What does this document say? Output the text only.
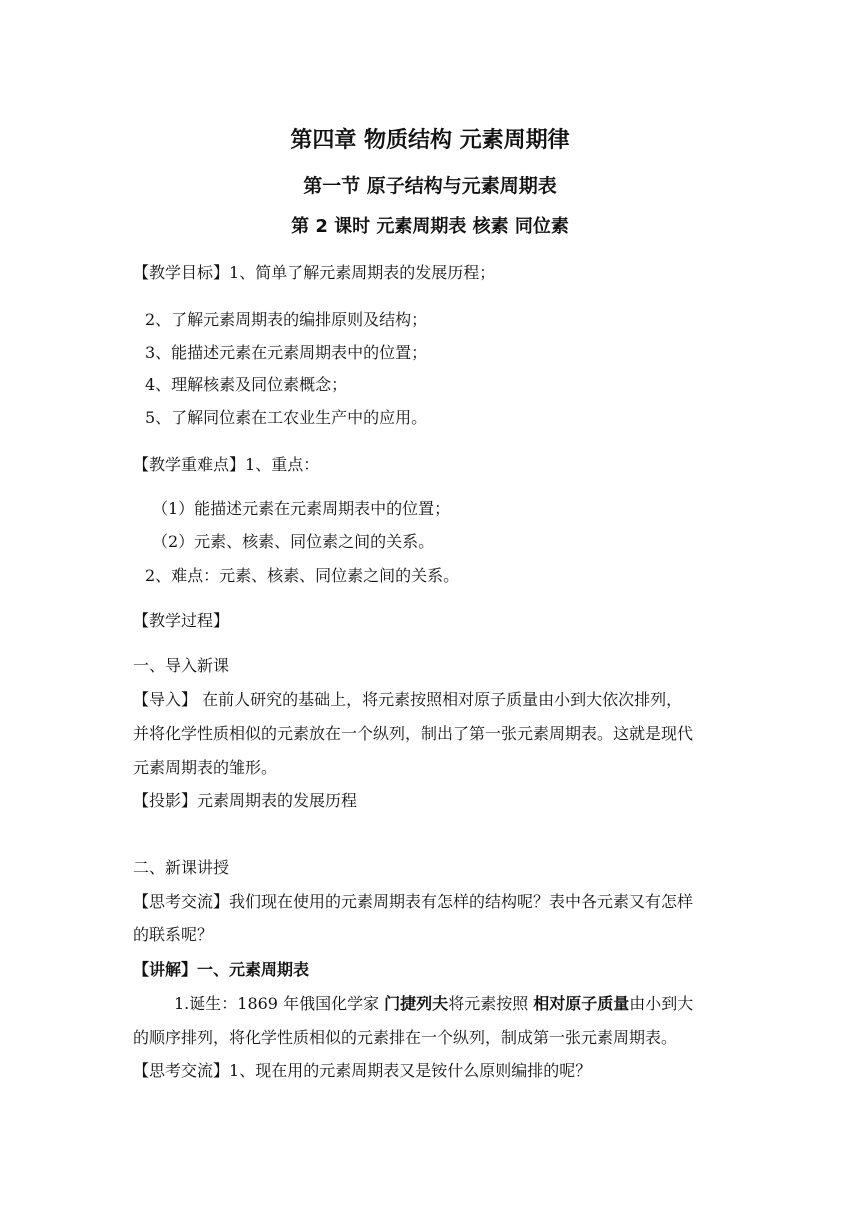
第四章 物质结构 元素周期律
第一节 原子结构与元素周期表
第 2 课时 元素周期表 核素 同位素
【教学目标】1、简单了解元素周期表的发展历程；
2、了解元素周期表的编排原则及结构；
3、能描述元素在元素周期表中的位置；
4、理解核素及同位素概念；
5、了解同位素在工农业生产中的应用。
【教学重难点】1、重点：
（1）能描述元素在元素周期表中的位置；
（2）元素、核素、同位素之间的关系。
2、难点：元素、核素、同位素之间的关系。
【教学过程】
一、导入新课
【导入】 在前人研究的基础上，将元素按照相对原子质量由小到大依次排列，
并将化学性质相似的元素放在一个纵列，制出了第一张元素周期表。这就是现代
元素周期表的雏形。
【投影】元素周期表的发展历程
二、新课讲授
【思考交流】我们现在使用的元素周期表有怎样的结构呢？表中各元素又有怎样
的联系呢？
【讲解】一、元素周期表
1.诞生：1869 年俄国化学家 门捷列夫将元素按照 相对原子质量由小到大
的顺序排列，将化学性质相似的元素排在一个纵列，制成第一张元素周期表。
【思考交流】1、现在用的元素周期表又是铵什么原则编排的呢？
